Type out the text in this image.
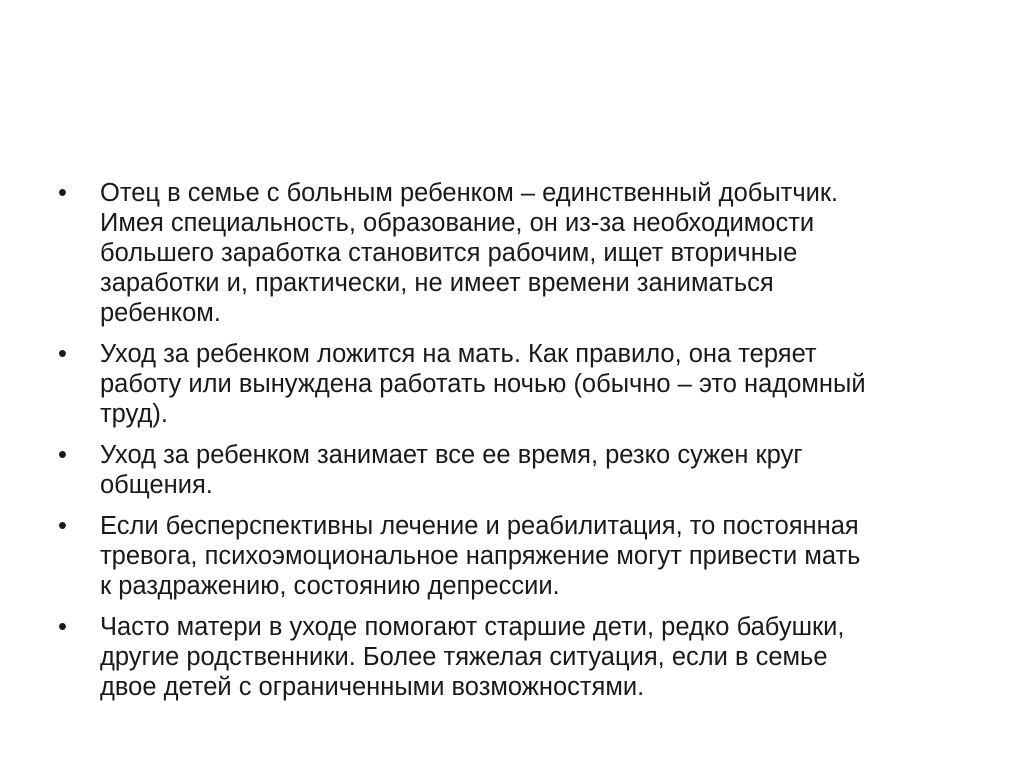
•	Отец в семье с больным ребенком – единственный добытчик.
Имея специальность, образование, он из-за необходимости
большего заработка становится рабочим, ищет вторичные
заработки и, практически, не имеет времени заниматься
ребенком.
•	Уход за ребенком ложится на мать. Как правило, она теряет
работу или вынуждена работать ночью (обычно – это надомный
труд).
•	Уход за ребенком занимает все ее время, резко сужен круг
общения.
•	Если бесперспективны лечение и реабилитация, то постоянная
тревога, психоэмоциональное напряжение могут привести мать
к раздражению, состоянию депрессии.
•	Часто матери в уходе помогают старшие дети, редко бабушки,
другие родственники. Более тяжелая ситуация, если в семье
двое детей с ограниченными возможностями.
